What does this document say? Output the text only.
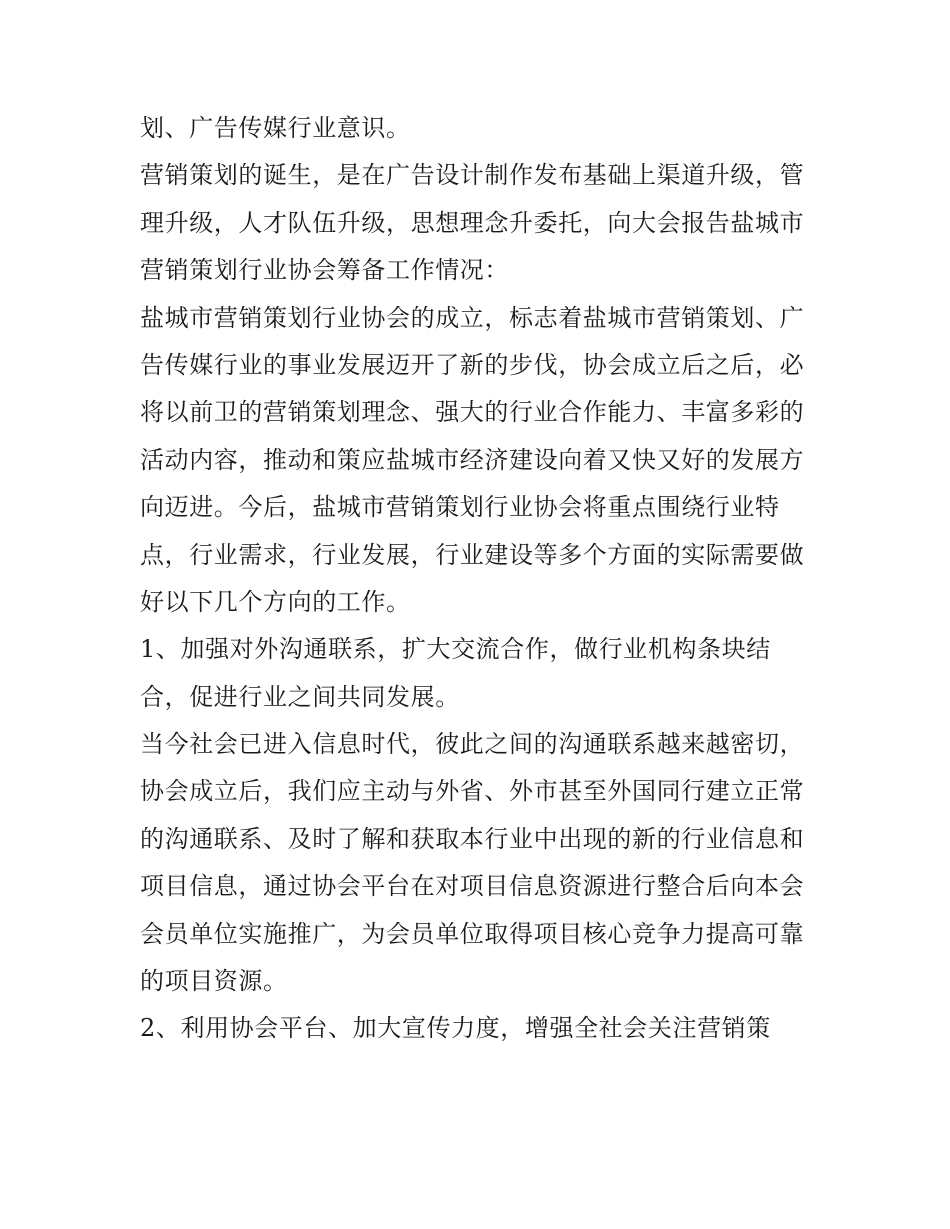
划、广告传媒行业意识。
营销策划的诞生，是在广告设计制作发布基础上渠道升级，管
理升级，人才队伍升级，思想理念升委托，向大会报告盐城市
营销策划行业协会筹备工作情况：
盐城市营销策划行业协会的成立，标志着盐城市营销策划、广
告传媒行业的事业发展迈开了新的步伐，协会成立后之后，必
将以前卫的营销策划理念、强大的行业合作能力、丰富多彩的
活动内容，推动和策应盐城市经济建设向着又快又好的发展方
向迈进。今后，盐城市营销策划行业协会将重点围绕行业特
点，行业需求，行业发展，行业建设等多个方面的实际需要做
好以下几个方向的工作。
1、加强对外沟通联系，扩大交流合作，做行业机构条块结
合，促进行业之间共同发展。
当今社会已进入信息时代，彼此之间的沟通联系越来越密切，
协会成立后，我们应主动与外省、外市甚至外国同行建立正常
的沟通联系、及时了解和获取本行业中出现的新的行业信息和
项目信息，通过协会平台在对项目信息资源进行整合后向本会
会员单位实施推广，为会员单位取得项目核心竞争力提高可靠
的项目资源。
2、利用协会平台、加大宣传力度，增强全社会关注营销策
